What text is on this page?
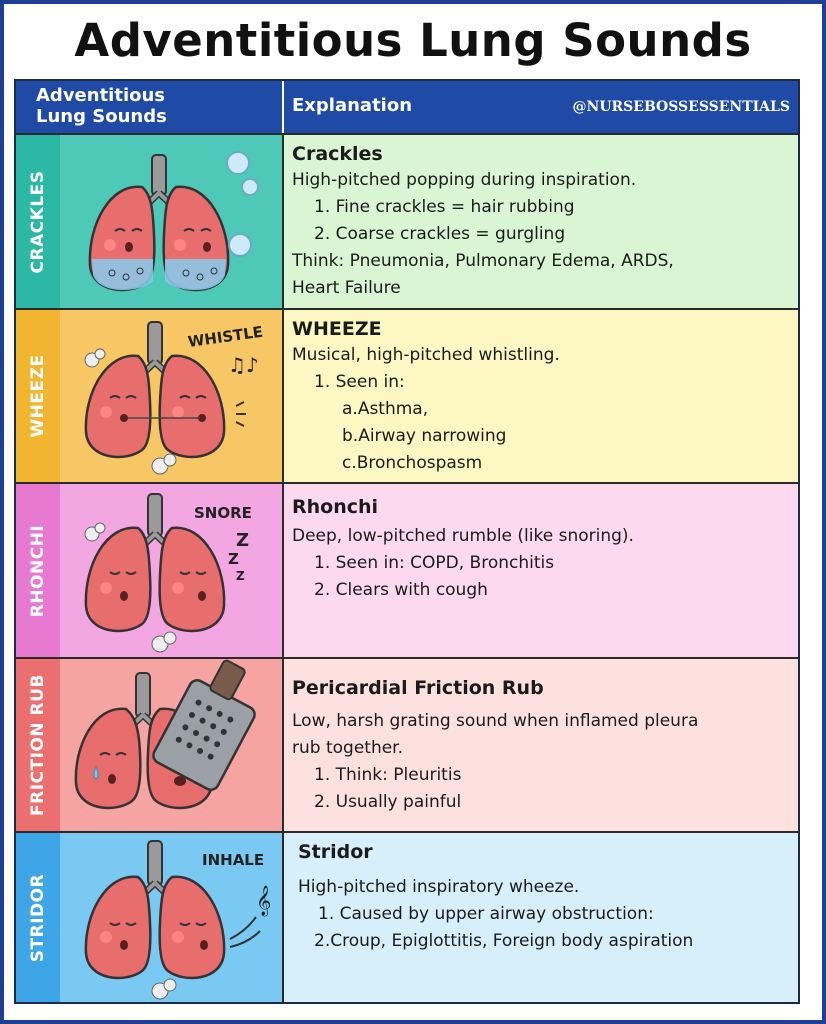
Adventitious Lung Sounds
Adventitious
Lung Sounds
Explanation	@NURSEBOSSESSENTIALS
CRACKLES
Crackles
High-pitched popping during inspiration.
1. Fine crackles = hair rubbing
2. Coarse crackles = gurgling
Think: Pneumonia, Pulmonary Edema, ARDS,
Heart Failure
WHEEZE
WHISTLE
♫♪
WHEEZE
Musical, high-pitched whistling.
1. Seen in:
a.Asthma,
b.Airway narrowing
c.Bronchospasm
RHONCHI
SNORE
Z
Z
Z
Rhonchi
Deep, low-pitched rumble (like snoring).
1. Seen in: COPD, Bronchitis
2. Clears with cough
FRICTION RUB	Pericardial Friction Rub
Low, harsh grating sound when inflamed pleura
rub together.
1. Think: Pleuritis
2. Usually painful
STRIDOR
INHALE
𝄞
Stridor
High-pitched inspiratory wheeze.
1. Caused by upper airway obstruction:
2.Croup, Epiglottitis, Foreign body aspiration
